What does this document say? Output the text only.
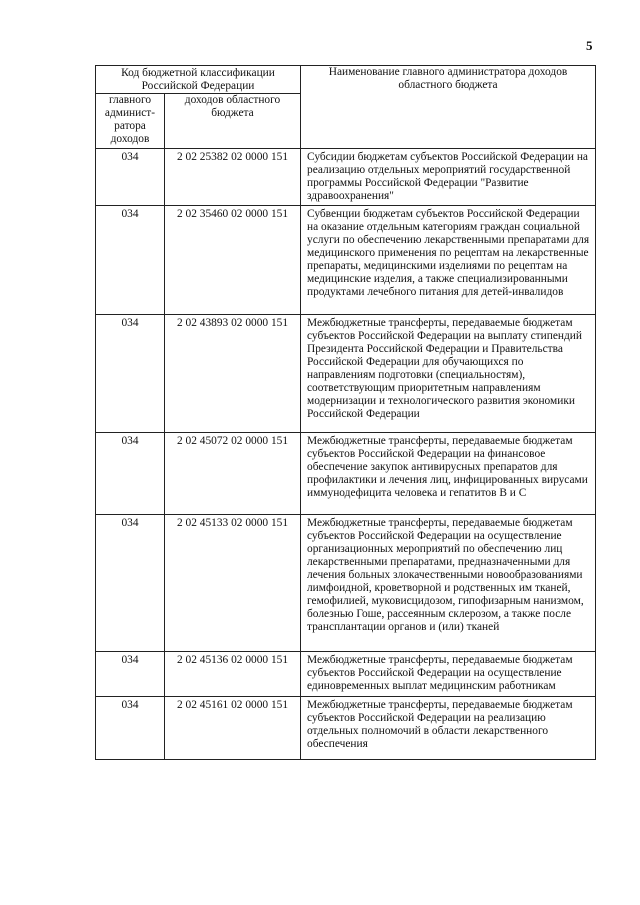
5
Код бюджетной классификации Российской Федерации		Наименование главного администратора доходов областного бюджета
главного админист-ратора доходов	доходов областного бюджета	
034	2 02 25382 02 0000 151	Субсидии бюджетам субъектов Российской Федерации на реализацию отдельных мероприятий государственной программы Российской Федерации "Развитие здравоохранения"
034	2 02 35460 02 0000 151	Субвенции бюджетам субъектов Российской Федерации на оказание отдельным категориям граждан социальной услуги по обеспечению лекарственными препаратами для медицинского применения по рецептам на лекарственные препараты, медицинскими изделиями по рецептам на медицинские изделия, а также специализированными продуктами лечебного питания для детей-инвалидов
034	2 02 43893 02 0000 151	Межбюджетные трансферты, передаваемые бюджетам субъектов Российской Федерации на выплату стипендий Президента Российской Федерации и Правительства Российской Федерации для обучающихся по направлениям подготовки (специальностям), соответствующим приоритетным направлениям модернизации и технологического развития экономики Российской Федерации
034	2 02 45072 02 0000 151	Межбюджетные трансферты, передаваемые бюджетам субъектов Российской Федерации на финансовое обеспечение закупок антивирусных препаратов для профилактики и лечения лиц, инфицированных вирусами иммунодефицита человека и гепатитов В и С
034	2 02 45133 02 0000 151	Межбюджетные трансферты, передаваемые бюджетам субъектов Российской Федерации на осуществление организационных мероприятий по обеспечению лиц лекарственными препаратами, предназначенными для лечения больных злокачественными новообразованиями лимфоидной, кроветворной и родственных им тканей, гемофилией, муковисцидозом, гипофизарным нанизмом, болезнью Гоше, рассеянным склерозом, а также после трансплантации органов и (или) тканей
034	2 02 45136 02 0000 151	Межбюджетные трансферты, передаваемые бюджетам субъектов Российской Федерации на осуществление единовременных выплат медицинским работникам
034	2 02 45161 02 0000 151	Межбюджетные трансферты, передаваемые бюджетам субъектов Российской Федерации на реализацию отдельных полномочий в области лекарственного обеспечения
